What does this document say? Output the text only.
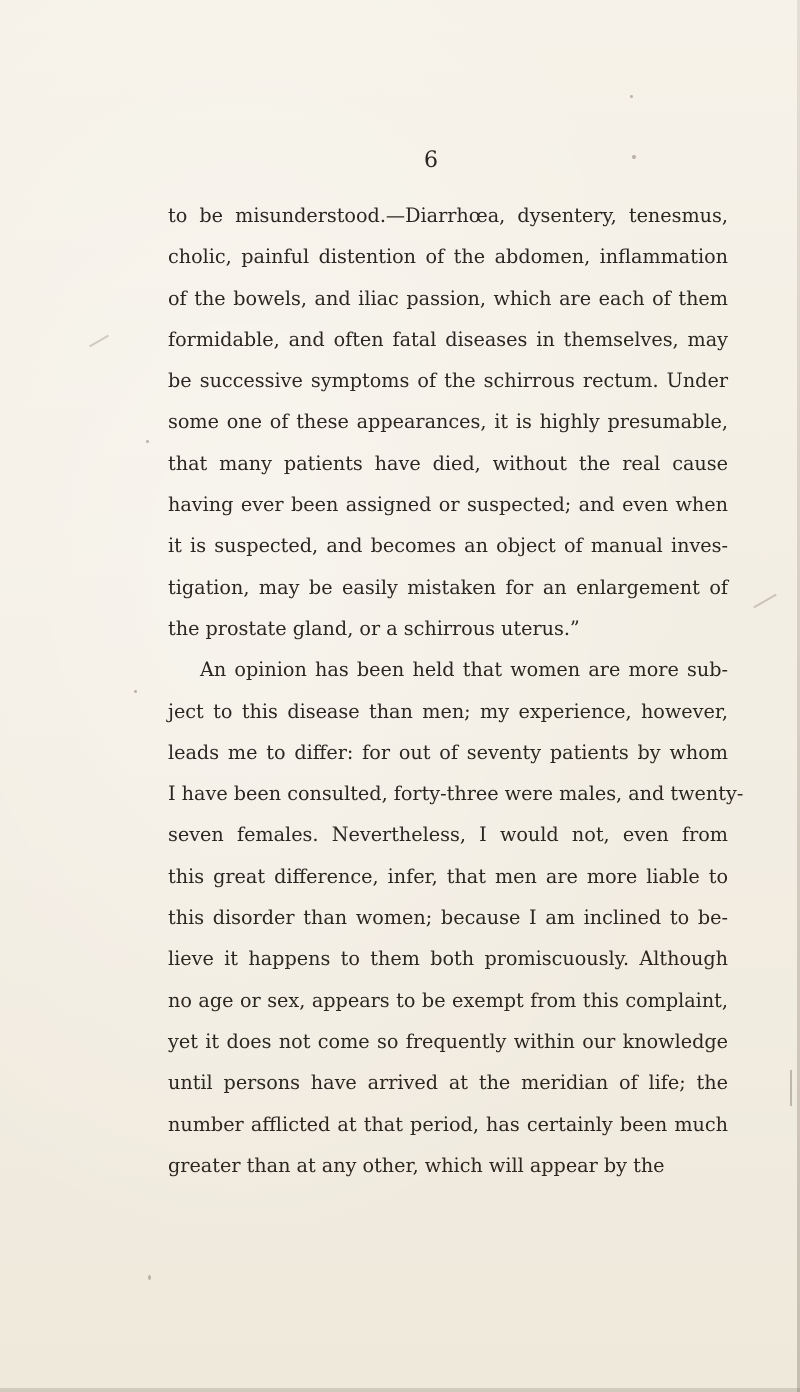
6
to be misunderstood.—Diarrhœa, dysentery, tenesmus,
cholic, painful distention of the abdomen, inflammation
of the bowels, and iliac passion, which are each of them
formidable, and often fatal diseases in themselves, may
be successive symptoms of the schirrous rectum. Under
some one of these appearances, it is highly presumable,
that many patients have died, without the real cause
having ever been assigned or suspected; and even when
it is suspected, and becomes an object of manual inves-
tigation, may be easily mistaken for an enlargement of
the prostate gland, or a schirrous uterus.”
An opinion has been held that women are more sub-
ject to this disease than men; my experience, however,
leads me to differ: for out of seventy patients by whom
I have been consulted, forty-three were males, and twenty-
seven females. Nevertheless, I would not, even from
this great difference, infer, that men are more liable to
this disorder than women; because I am inclined to be-
lieve it happens to them both promiscuously. Although
no age or sex, appears to be exempt from this complaint,
yet it does not come so frequently within our knowledge
until persons have arrived at the meridian of life; the
number afflicted at that period, has certainly been much
greater than at any other, which will appear by the
